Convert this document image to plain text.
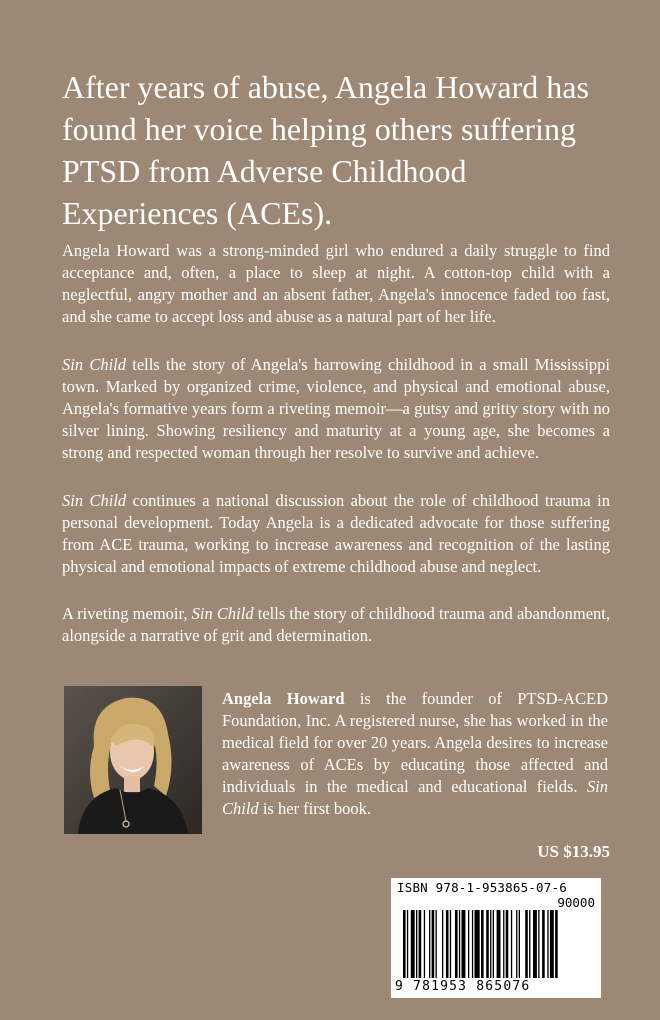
After years of abuse, Angela Howard has found her voice helping others suffering PTSD from Adverse Childhood Experiences (ACEs).

Angela Howard was a strong-minded girl who endured a daily struggle to find acceptance and, often, a place to sleep at night. A cotton-top child with a neglectful, angry mother and an absent father, Angela's innocence faded too fast, and she came to accept loss and abuse as a natural part of her life.

Sin Child tells the story of Angela's harrowing childhood in a small Mississippi town. Marked by organized crime, violence, and physical and emotional abuse, Angela's formative years form a riveting memoir—a gutsy and gritty story with no silver lining. Showing resiliency and maturity at a young age, she becomes a strong and respected woman through her resolve to survive and achieve.

Sin Child continues a national discussion about the role of childhood trauma in personal development. Today Angela is a dedicated advocate for those suffering from ACE trauma, working to increase awareness and recognition of the lasting physical and emotional impacts of extreme childhood abuse and neglect.

A riveting memoir, Sin Child tells the story of childhood trauma and abandonment, alongside a narrative of grit and determination.

Angela Howard is the founder of PTSD-ACED Foundation, Inc. A registered nurse, she has worked in the medical field for over 20 years. Angela desires to increase awareness of ACEs by educating those affected and individuals in the medical and educational fields. Sin Child is her first book.

US $13.95
ISBN 978-1-953865-07-6
90000
9 781953 865076
